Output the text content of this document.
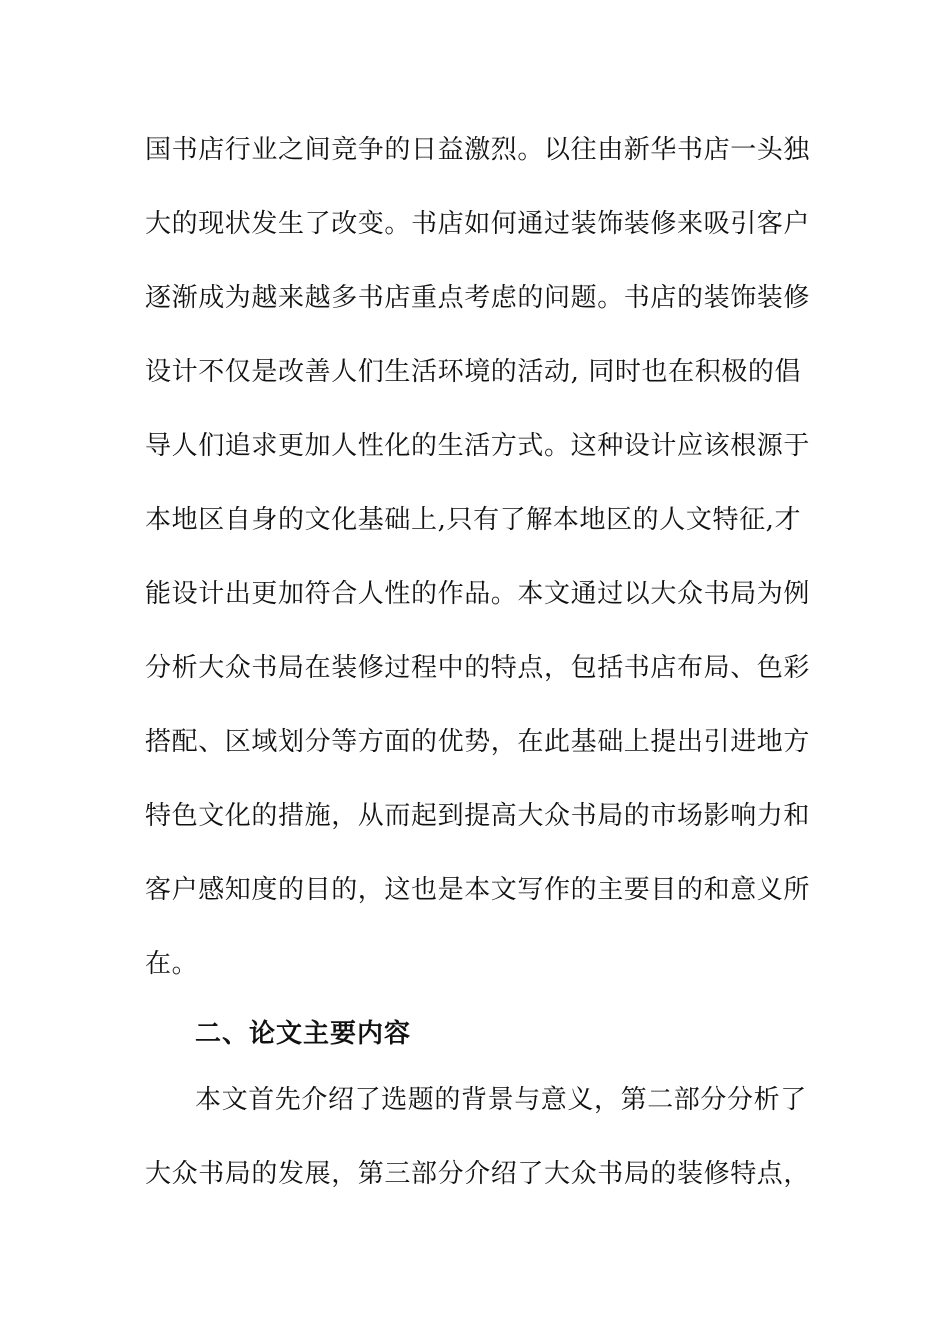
国书店行业之间竞争的日益激烈。以往由新华书店一头独
大的现状发生了改变。书店如何通过装饰装修来吸引客户
逐渐成为越来越多书店重点考虑的问题。书店的装饰装修
设计不仅是改善人们生活环境的活动, 同时也在积极的倡
导人们追求更加人性化的生活方式。这种设计应该根源于
本地区自身的文化基础上,只有了解本地区的人文特征,才
能设计出更加符合人性的作品。本文通过以大众书局为例
分析大众书局在装修过程中的特点，包括书店布局、色彩
搭配、区域划分等方面的优势，在此基础上提出引进地方
特色文化的措施，从而起到提高大众书局的市场影响力和
客户感知度的目的，这也是本文写作的主要目的和意义所
在。
二、论文主要内容
本文首先介绍了选题的背景与意义，第二部分分析了
大众书局的发展，第三部分介绍了大众书局的装修特点，
